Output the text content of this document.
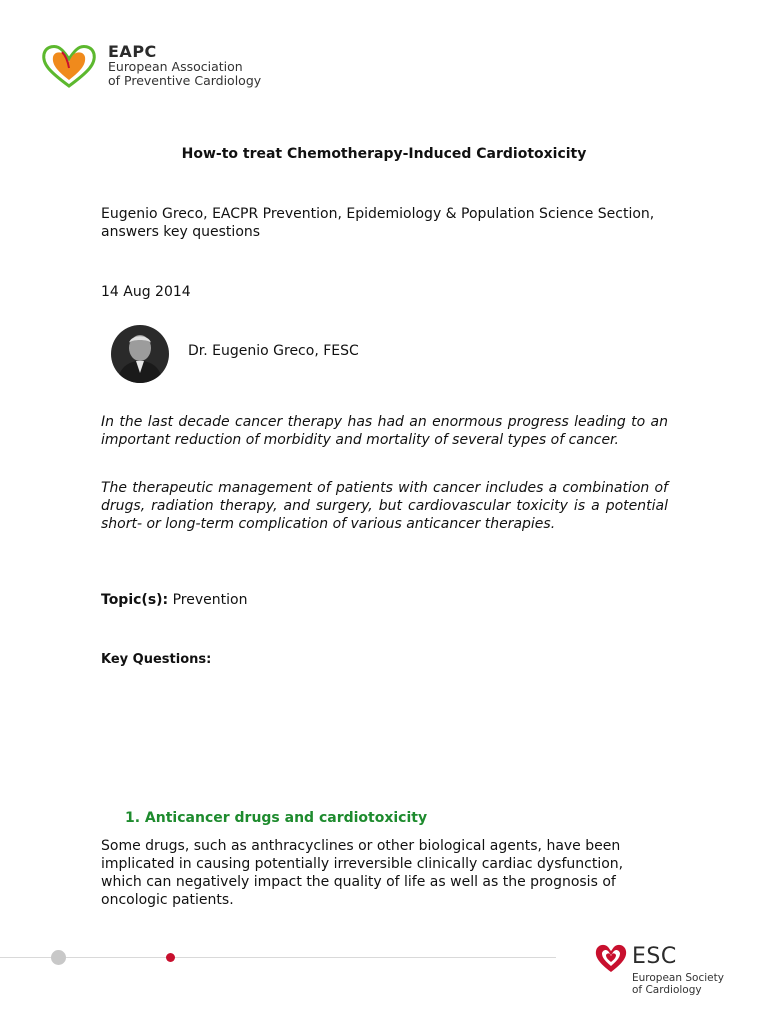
EAPC
European Association
of Preventive Cardiology
How-to treat Chemotherapy-Induced Cardiotoxicity
Eugenio Greco, EACPR Prevention, Epidemiology & Population Science Section, answers key questions
14 Aug 2014
Dr. Eugenio Greco, FESC

In the last decade cancer therapy has had an enormous progress leading to an important reduction of morbidity and mortality of several types of cancer.

The therapeutic management of patients with cancer includes a combination of drugs, radiation therapy, and surgery, but cardiovascular toxicity is a potential short- or long-term complication of various anticancer therapies.

Topic(s): Prevention
Key Questions:
1. Anticancer drugs and cardiotoxicity

Some drugs, such as anthracyclines or other biological agents, have been implicated in causing potentially irreversible clinically cardiac dysfunction, which can negatively impact the quality of life as well as the prognosis of oncologic patients.

ESC
European Society
of Cardiology
